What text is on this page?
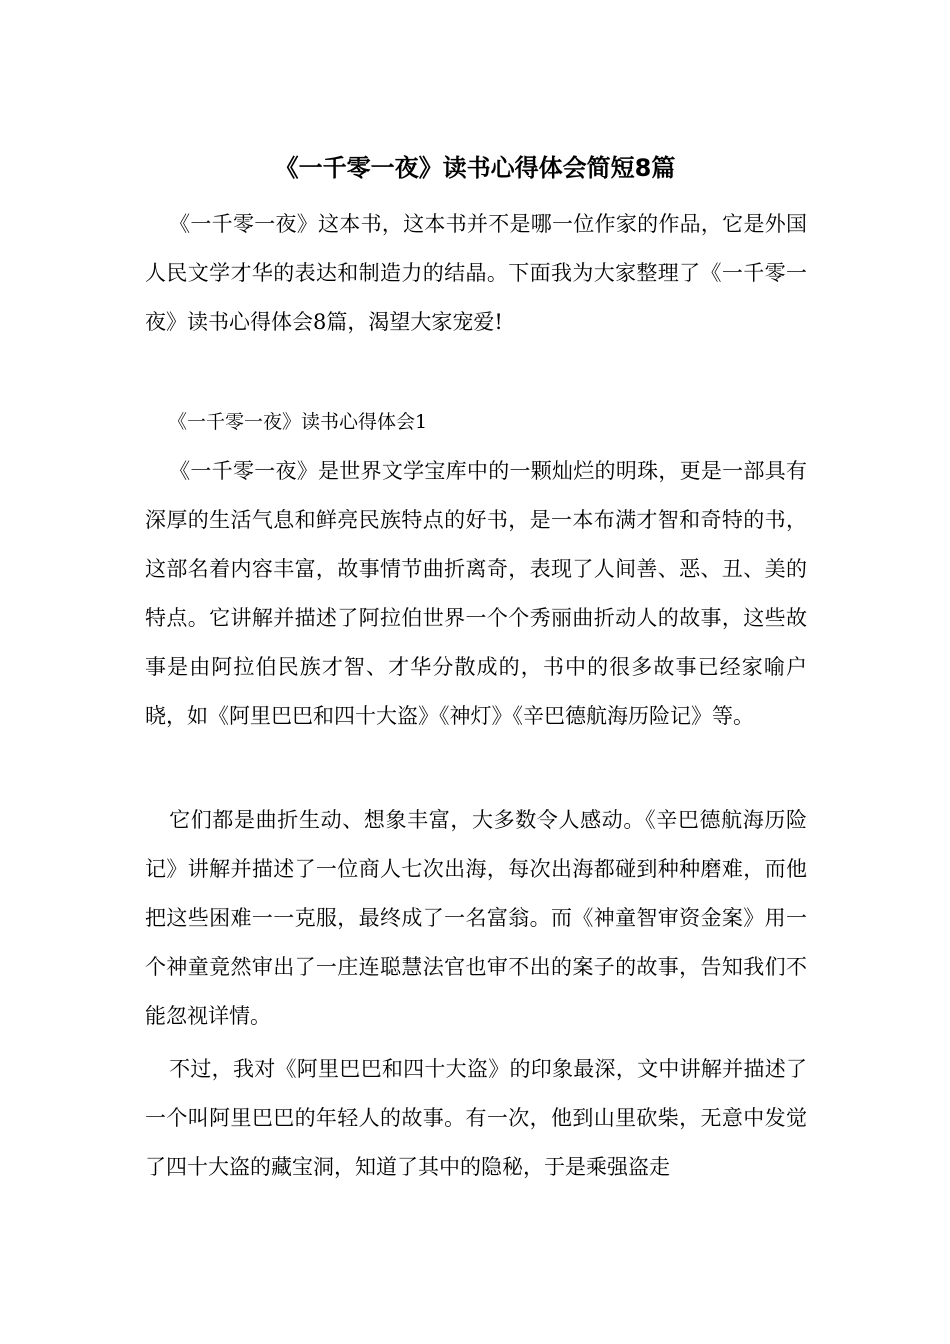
《一千零一夜》读书心得体会简短8篇

《一千零一夜》这本书，这本书并不是哪一位作家的作品，它是外国人民文学才华的表达和制造力的结晶。下面我为大家整理了《一千零一夜》读书心得体会8篇，渴望大家宠爱!

《一千零一夜》读书心得体会1

《一千零一夜》是世界文学宝库中的一颗灿烂的明珠，更是一部具有深厚的生活气息和鲜亮民族特点的好书，是一本布满才智和奇特的书，这部名着内容丰富，故事情节曲折离奇，表现了人间善、恶、丑、美的特点。它讲解并描述了阿拉伯世界一个个秀丽曲折动人的故事，这些故事是由阿拉伯民族才智、才华分散成的，书中的很多故事已经家喻户晓，如《阿里巴巴和四十大盗》《神灯》《辛巴德航海历险记》等。

它们都是曲折生动、想象丰富，大多数令人感动。《辛巴德航海历险记》讲解并描述了一位商人七次出海，每次出海都碰到种种磨难，而他把这些困难一一克服，最终成了一名富翁。而《神童智审资金案》用一个神童竟然审出了一庄连聪慧法官也审不出的案子的故事，告知我们不能忽视详情。

不过，我对《阿里巴巴和四十大盗》的印象最深，文中讲解并描述了一个叫阿里巴巴的年轻人的故事。有一次，他到山里砍柴，无意中发觉了四十大盗的藏宝洞，知道了其中的隐秘，于是乘强盗走
